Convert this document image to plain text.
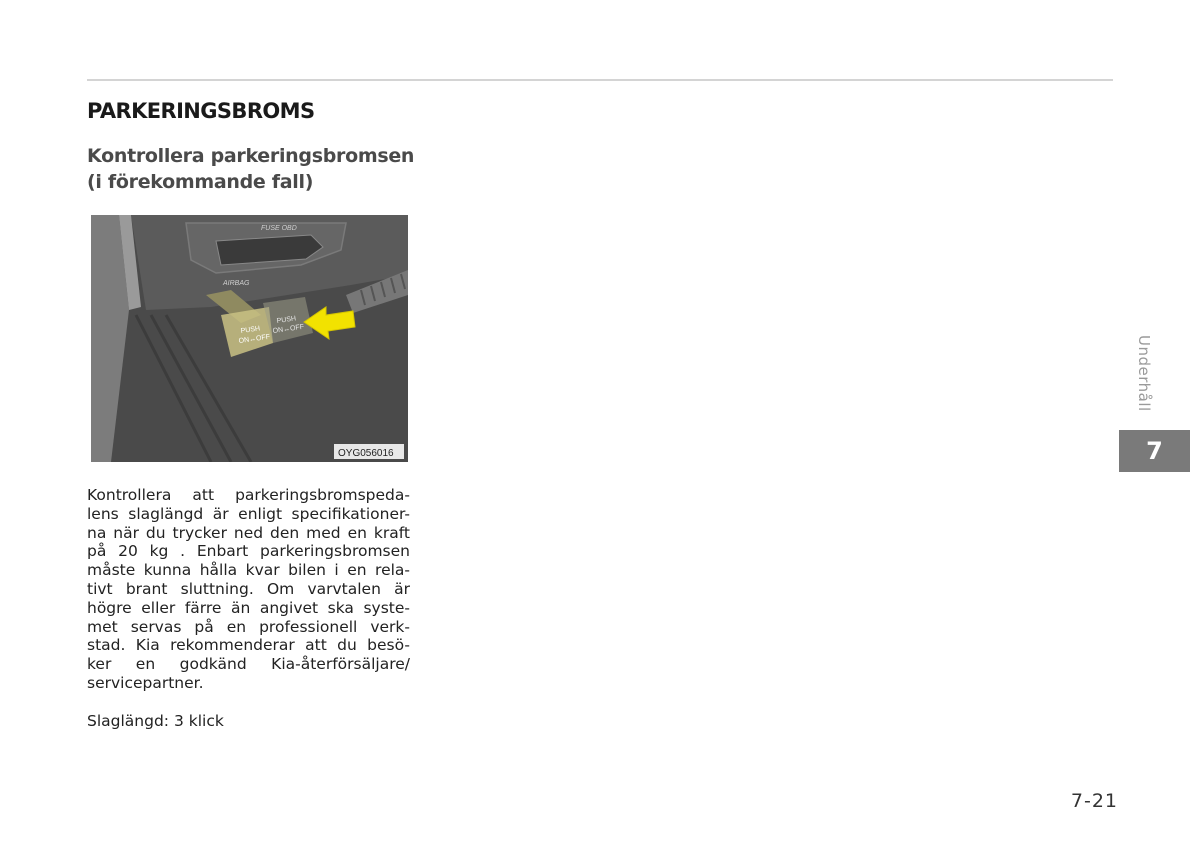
PARKERINGSBROMS
Kontrollera parkeringsbromsen
(i förekommande fall)
FUSE OBD
AIRBAG
PUSH
ON↔OFF
PUSH
ON↔OFF
OYG056016

Kontrollera att parkeringsbromspeda-
lens slaglängd är enligt specifikationer-
na när du trycker ned den med en kraft
på 20 kg . Enbart parkeringsbromsen
måste kunna hålla kvar bilen i en rela-
tivt brant sluttning. Om varvtalen är
högre eller färre än angivet ska syste-
met servas på en professionell verk-
stad. Kia rekommenderar att du besö-
ker en godkänd Kia-återförsäljare/
servicepartner.

Slaglängd: 3 klick

Underhåll
7
7-21
